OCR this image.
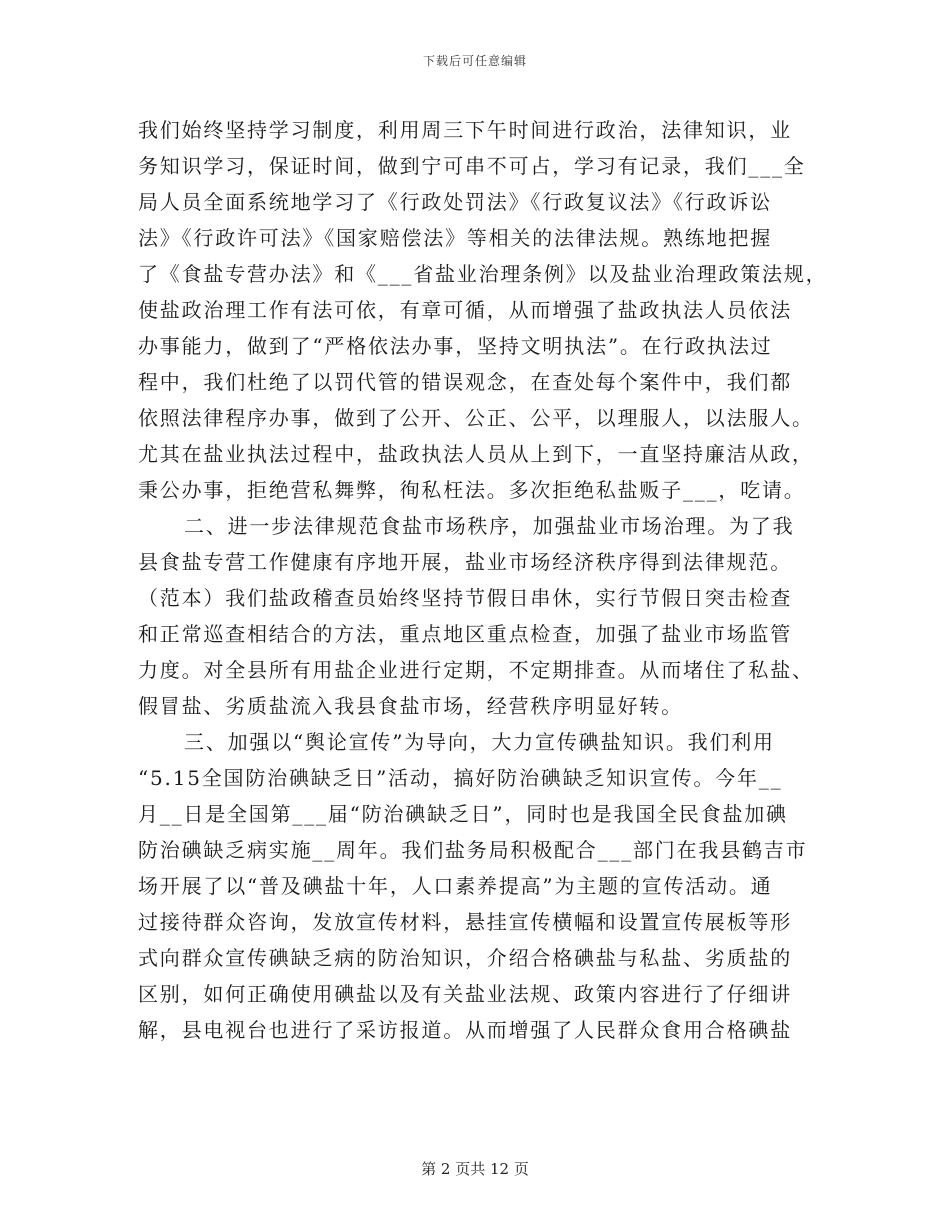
下载后可任意编辑
我们始终坚持学习制度，利用周三下午时间进行政治，法律知识，业
务知识学习，保证时间，做到宁可串不可占，学习有记录，我们___全
局人员全面系统地学习了《行政处罚法》《行政复议法》《行政诉讼
法》《行政许可法》《国家赔偿法》等相关的法律法规。熟练地把握
了《食盐专营办法》和《___省盐业治理条例》以及盐业治理政策法规，
使盐政治理工作有法可依，有章可循，从而增强了盐政执法人员依法
办事能力，做到了“严格依法办事，坚持文明执法”。在行政执法过
程中，我们杜绝了以罚代管的错误观念，在查处每个案件中，我们都
依照法律程序办事，做到了公开、公正、公平，以理服人，以法服人。
尤其在盐业执法过程中，盐政执法人员从上到下，一直坚持廉洁从政，
秉公办事，拒绝营私舞弊，徇私枉法。多次拒绝私盐贩子___，吃请。
二、进一步法律规范食盐市场秩序，加强盐业市场治理。为了我
县食盐专营工作健康有序地开展，盐业市场经济秩序得到法律规范。
（范本）我们盐政稽查员始终坚持节假日串休，实行节假日突击检查
和正常巡查相结合的方法，重点地区重点检查，加强了盐业市场监管
力度。对全县所有用盐企业进行定期，不定期排查。从而堵住了私盐、
假冒盐、劣质盐流入我县食盐市场，经营秩序明显好转。
三、加强以“舆论宣传”为导向，大力宣传碘盐知识。我们利用
“5.15全国防治碘缺乏日”活动，搞好防治碘缺乏知识宣传。今年__
月__日是全国第___届“防治碘缺乏日”，同时也是我国全民食盐加碘
防治碘缺乏病实施__周年。我们盐务局积极配合___部门在我县鹤吉市
场开展了以“普及碘盐十年，人口素养提高”为主题的宣传活动。通
过接待群众咨询，发放宣传材料，悬挂宣传横幅和设置宣传展板等形
式向群众宣传碘缺乏病的防治知识，介绍合格碘盐与私盐、劣质盐的
区别，如何正确使用碘盐以及有关盐业法规、政策内容进行了仔细讲
解，县电视台也进行了采访报道。从而增强了人民群众食用合格碘盐
第 2 页共 12 页
